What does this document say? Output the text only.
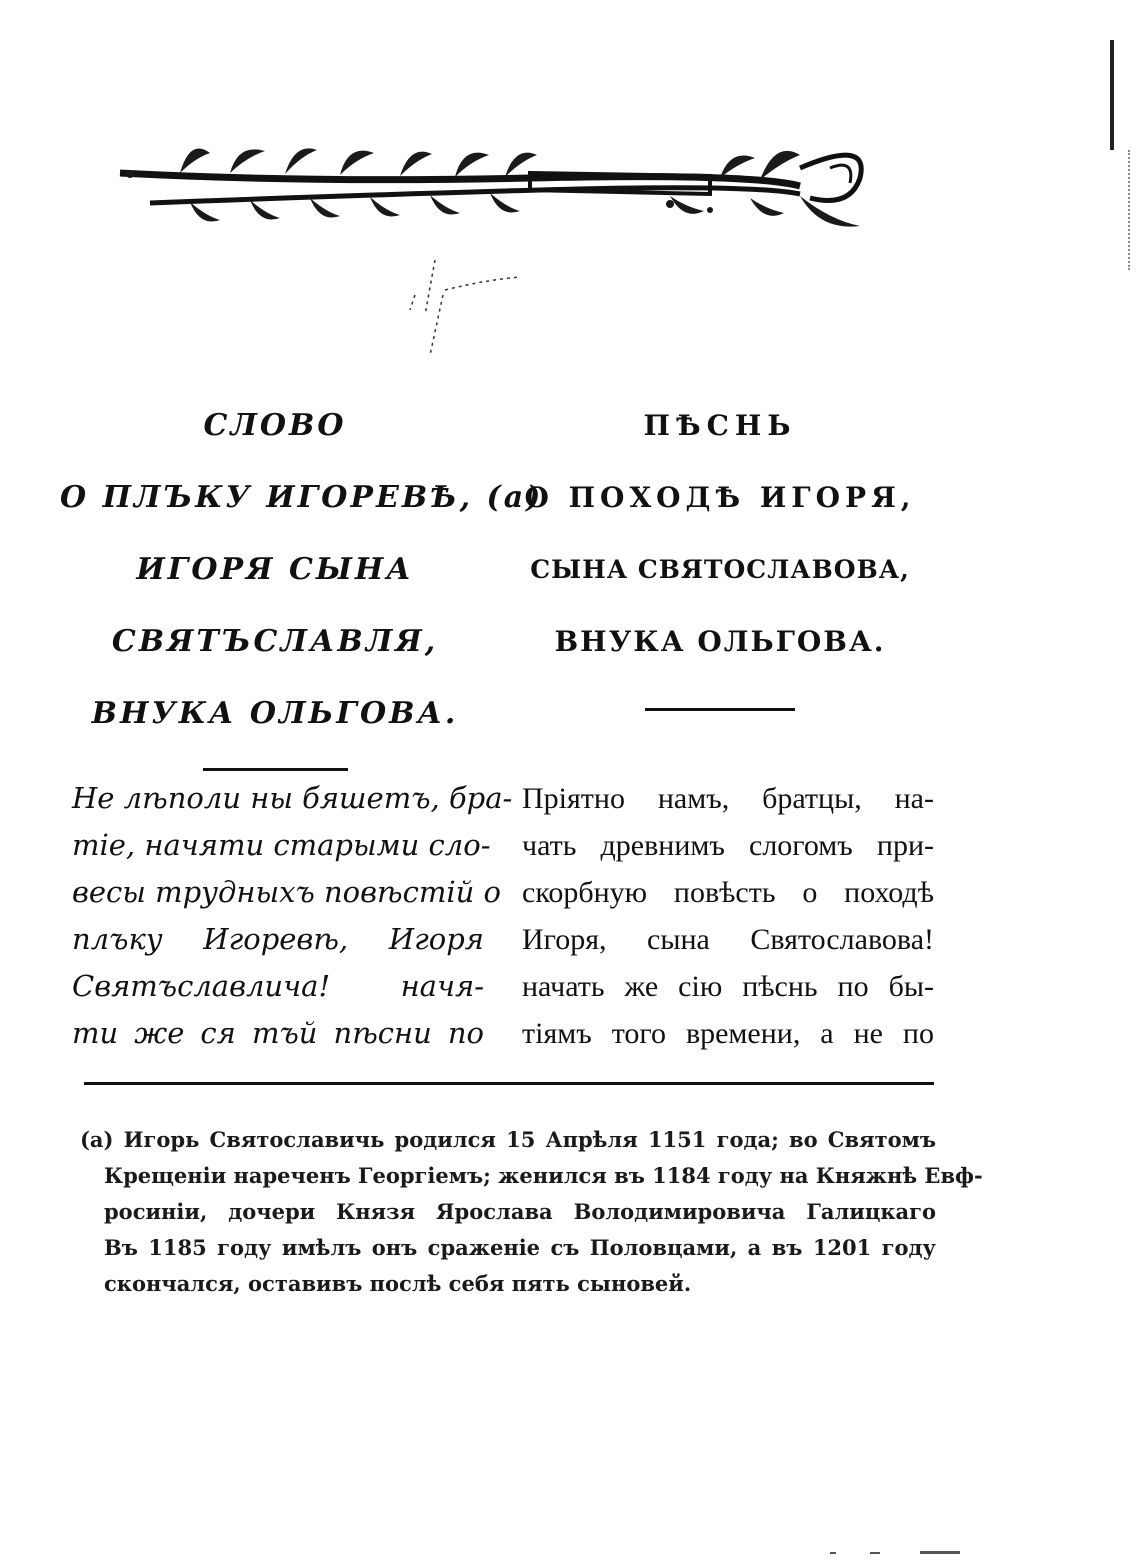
СЛОВО

О ПЛЪКУ ИГОРЕВѢ, (а)

ИГОРЯ СЫНА

СВЯТЪСЛАВЛЯ,

ВНУКА ОЛЬГОВА.

ПѢСНЬ

О ПОХОДѢ ИГОРЯ,

СЫНА СВЯТОСЛАВОВА,

ВНУКА ОЛЬГОВА.

Не лѣполи ны бяшетъ, бра-
тіе, начяти старыми сло-
весы трудныхъ повѣстій о
плъку Игоревѣ, Игоря
Святъславлича! начя-
ти же ся тъй пѣсни по
Пріятно намъ, братцы, на-
чать древнимъ слогомъ при-
скорбную повѣсть о походѣ
Игоря, сына Святославова!
начать же сію пѣснь по бы-
тіямъ того времени, а не по
(а) Игорь Святославичь родился 15 Апрѣля 1151 года; во Святомъ
Крещеніи нареченъ Георгіемъ; женился въ 1184 году на Княжнѣ Евф-
росиніи, дочери Князя Ярослава Володимировича Галицкаго
Въ 1185 году имѣлъ онъ сраженіе съ Половцами, а въ 1201 году
скончался, оставивъ послѣ себя пять сыновей.
